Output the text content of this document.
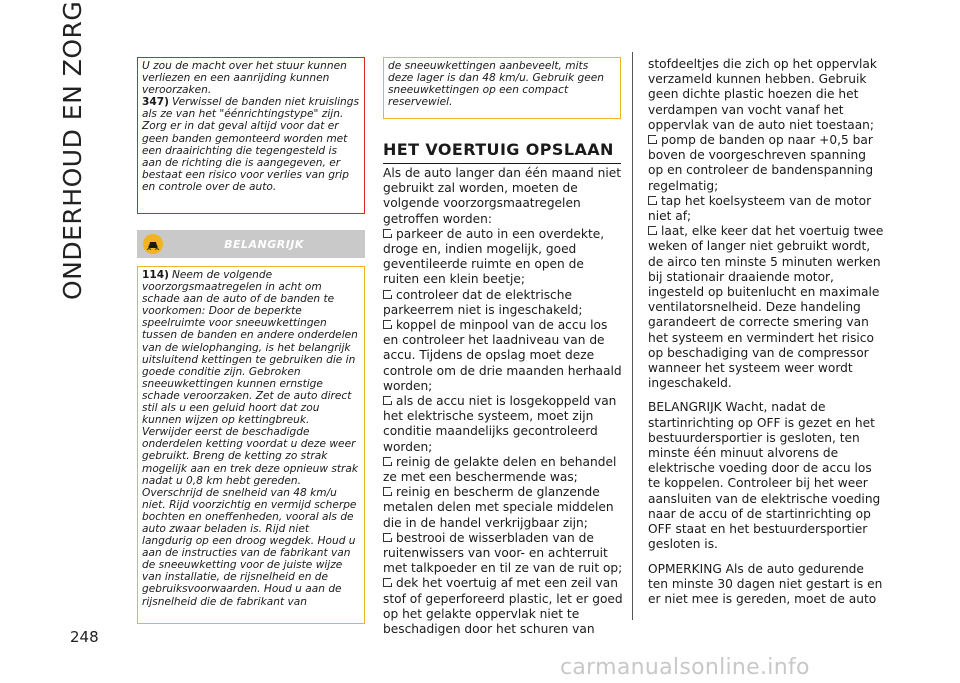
ONDERHOUD EN ZORG
248

U zou de macht over het stuur kunnen verliezen en een aanrijding kunnen veroorzaken.

347) Verwissel de banden niet kruislings als ze van het "éénrichtingstype" zijn. Zorg er in dat geval altijd voor dat er geen banden gemonteerd worden met een draairichting die tegengesteld is aan de richting die is aangegeven, er bestaat een risico voor verlies van grip en controle over de auto.

BELANGRIJK

114) Neem de volgende voorzorgsmaatregelen in acht om schade aan de auto of de banden te voorkomen: Door de beperkte speelruimte voor sneeuwkettingen tussen de banden en andere onderdelen van de wielophanging, is het belangrijk uitsluitend kettingen te gebruiken die in goede conditie zijn. Gebroken sneeuwkettingen kunnen ernstige schade veroorzaken. Zet de auto direct stil als u een geluid hoort dat zou kunnen wijzen op kettingbreuk. Verwijder eerst de beschadigde onderdelen ketting voordat u deze weer gebruikt. Breng de ketting zo strak mogelijk aan en trek deze opnieuw strak nadat u 0,8 km hebt gereden. Overschrijd de snelheid van 48 km/u niet. Rijd voorzichtig en vermijd scherpe bochten en oneffenheden, vooral als de auto zwaar beladen is. Rijd niet langdurig op een droog wegdek. Houd u aan de instructies van de fabrikant van de sneeuwketting voor de juiste wijze van installatie, de rijsnelheid en de gebruiksvoorwaarden. Houd u aan de rijsnelheid die de fabrikant van

de sneeuwkettingen aanbeveelt, mits deze lager is dan 48 km/u. Gebruik geen sneeuwkettingen op een compact reservewiel.

HET VOERTUIG OPSLAAN

Als de auto langer dan één maand niet gebruikt zal worden, moeten de volgende voorzorgsmaatregelen getroffen worden:

parkeer de auto in een overdekte, droge en, indien mogelijk, goed geventileerde ruimte en open de ruiten een klein beetje;

controleer dat de elektrische parkeerrem niet is ingeschakeld;

koppel de minpool van de accu los en controleer het laadniveau van de accu. Tijdens de opslag moet deze controle om de drie maanden herhaald worden;

als de accu niet is losgekoppeld van het elektrische systeem, moet zijn conditie maandelijks gecontroleerd worden;

reinig de gelakte delen en behandel ze met een beschermende was;

reinig en bescherm de glanzende metalen delen met speciale middelen die in de handel verkrijgbaar zijn;

bestrooi de wisserbladen van de ruitenwissers van voor- en achterruit met talkpoeder en til ze van de ruit op;

dek het voertuig af met een zeil van stof of geperforeerd plastic, let er goed op het gelakte oppervlak niet te beschadigen door het schuren van

stofdeeltjes die zich op het oppervlak verzameld kunnen hebben. Gebruik geen dichte plastic hoezen die het verdampen van vocht vanaf het oppervlak van de auto niet toestaan;

pomp de banden op naar +0,5 bar boven de voorgeschreven spanning op en controleer de bandenspanning regelmatig;

tap het koelsysteem van de motor niet af;

laat, elke keer dat het voertuig twee weken of langer niet gebruikt wordt, de airco ten minste 5 minuten werken bij stationair draaiende motor, ingesteld op buitenlucht en maximale ventilatorsnelheid. Deze handeling garandeert de correcte smering van het systeem en vermindert het risico op beschadiging van de compressor wanneer het systeem weer wordt ingeschakeld.

BELANGRIJK Wacht, nadat de startinrichting op OFF is gezet en het bestuurdersportier is gesloten, ten minste één minuut alvorens de elektrische voeding door de accu los te koppelen. Controleer bij het weer aansluiten van de elektrische voeding naar de accu of de startinrichting op OFF staat en het bestuurdersportier gesloten is.

OPMERKING Als de auto gedurende ten minste 30 dagen niet gestart is en er niet mee is gereden, moet de auto

carmanualsonline.info
